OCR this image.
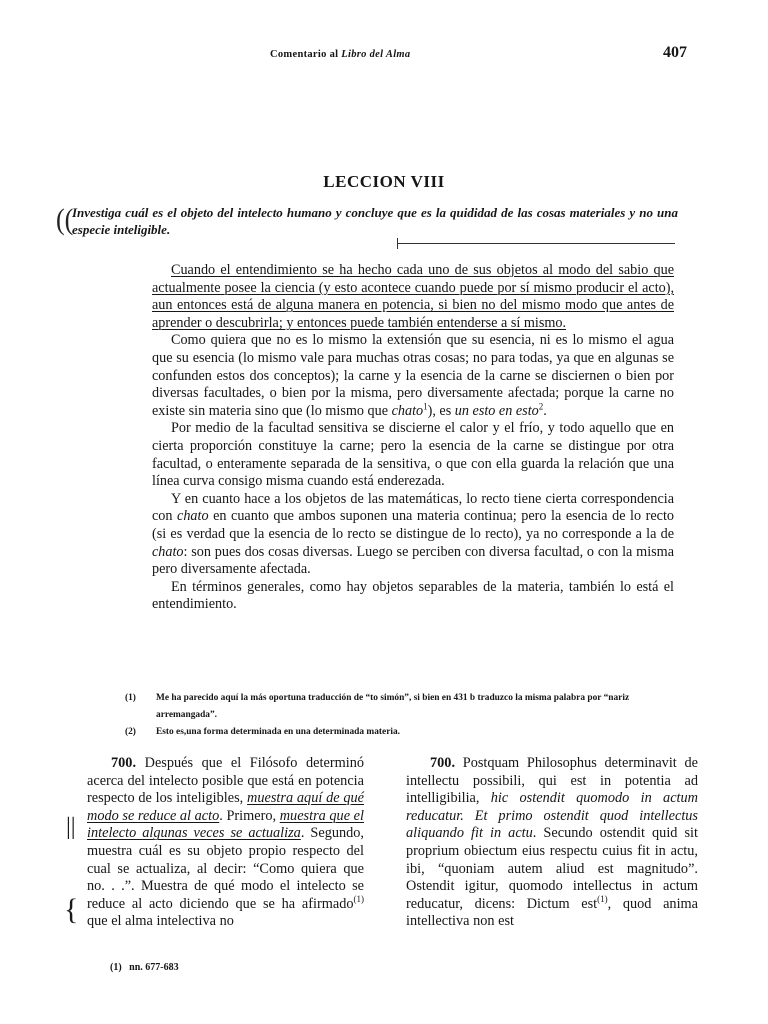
Comentario al Libro del Alma	407
LECCION VIII
((
Investiga cuál es el objeto del intelecto humano y concluye que es la quididad de las cosas materiales y no una especie inteligible.

Cuando el entendimiento se ha hecho cada uno de sus objetos al modo del sabio que actualmente posee la ciencia (y esto acontece cuando puede por sí mismo producir el acto), aun entonces está de alguna manera en potencia, si bien no del mismo modo que antes de aprender o descubrirla; y entonces puede también entenderse a sí mismo.

Como quiera que no es lo mismo la extensión que su esencia, ni es lo mismo el agua que su esencia (lo mismo vale para muchas otras cosas; no para todas, ya que en algunas se confunden estos dos conceptos); la carne y la esencia de la carne se disciernen o bien por diversas facultades, o bien por la misma, pero diversamente afectada; porque la carne no existe sin materia sino que (lo mismo que chato$^1$), es un esto en esto$^2$.

Por medio de la facultad sensitiva se discierne el calor y el frío, y todo aquello que en cierta proporción constituye la carne; pero la esencia de la carne se distingue por otra facultad, o enteramente separada de la sensitiva, o que con ella guarda la relación que una línea curva consigo misma cuando está enderezada.

Y en cuanto hace a los objetos de las matemáticas, lo recto tiene cierta correspondencia con chato en cuanto que ambos suponen una materia continua; pero la esencia de lo recto (si es verdad que la esencia de lo recto se distingue de lo recto), ya no corresponde a la de chato: son pues dos cosas diversas. Luego se perciben con diversa facultad, o con la misma pero diversamente afectada.

En términos generales, como hay objetos separables de la materia, también lo está el entendimiento.

(1)	Me ha parecido aquí la más oportuna traducción de “to simón”, si bien en 431 b traduzco la misma palabra por “nariz arremangada”.
(2)	Esto es,una forma determinada en una determinada materia.
||
{

700. Después que el Filósofo determinó acerca del intelecto posible que está en potencia respecto de los inteligibles, muestra aquí de qué modo se reduce al acto. Primero, muestra que el intelecto algunas veces se actualiza. Segundo, muestra cuál es su objeto propio respecto del cual se actualiza, al decir: “Como quiera que no. . .”. Muestra de qué modo el intelecto se reduce al acto diciendo que se ha afirmado$^{(1)}$ que el alma intelectiva no

700. Postquam Philosophus determinavit de intellectu possibili, qui est in potentia ad intelligibilia, hic ostendit quomodo in actum reducatur. Et primo ostendit quod intellectus aliquando fit in actu. Secundo ostendit quid sit proprium obiectum eius respectu cuius fit in actu, ibi, “quoniam autem aliud est magnitudo”. Ostendit igitur, quomodo intellectus in actum reducatur, dicens: Dictum est$^{(1)}$, quod anima intellectiva non est

(1) nn. 677-683
